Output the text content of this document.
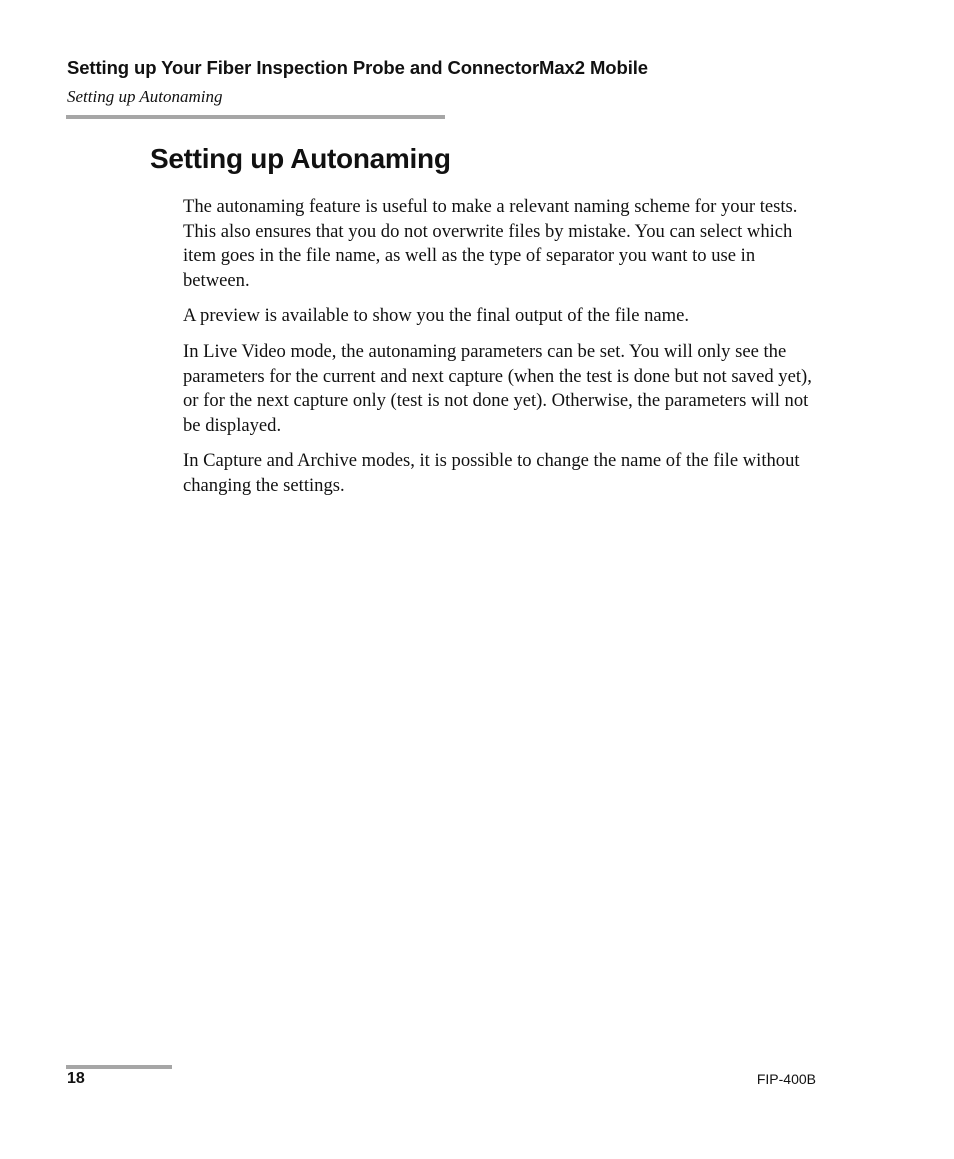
Setting up Your Fiber Inspection Probe and ConnectorMax2 Mobile
Setting up Autonaming
Setting up Autonaming

The autonaming feature is useful to make a relevant naming scheme for your tests. This also ensures that you do not overwrite files by mistake. You can select which item goes in the file name, as well as the type of separator you want to use in between.

A preview is available to show you the final output of the file name.

In Live Video mode, the autonaming parameters can be set. You will only see the parameters for the current and next capture (when the test is done but not saved yet), or for the next capture only (test is not done yet). Otherwise, the parameters will not be displayed.

In Capture and Archive modes, it is possible to change the name of the file without changing the settings.

18	FIP-400B
